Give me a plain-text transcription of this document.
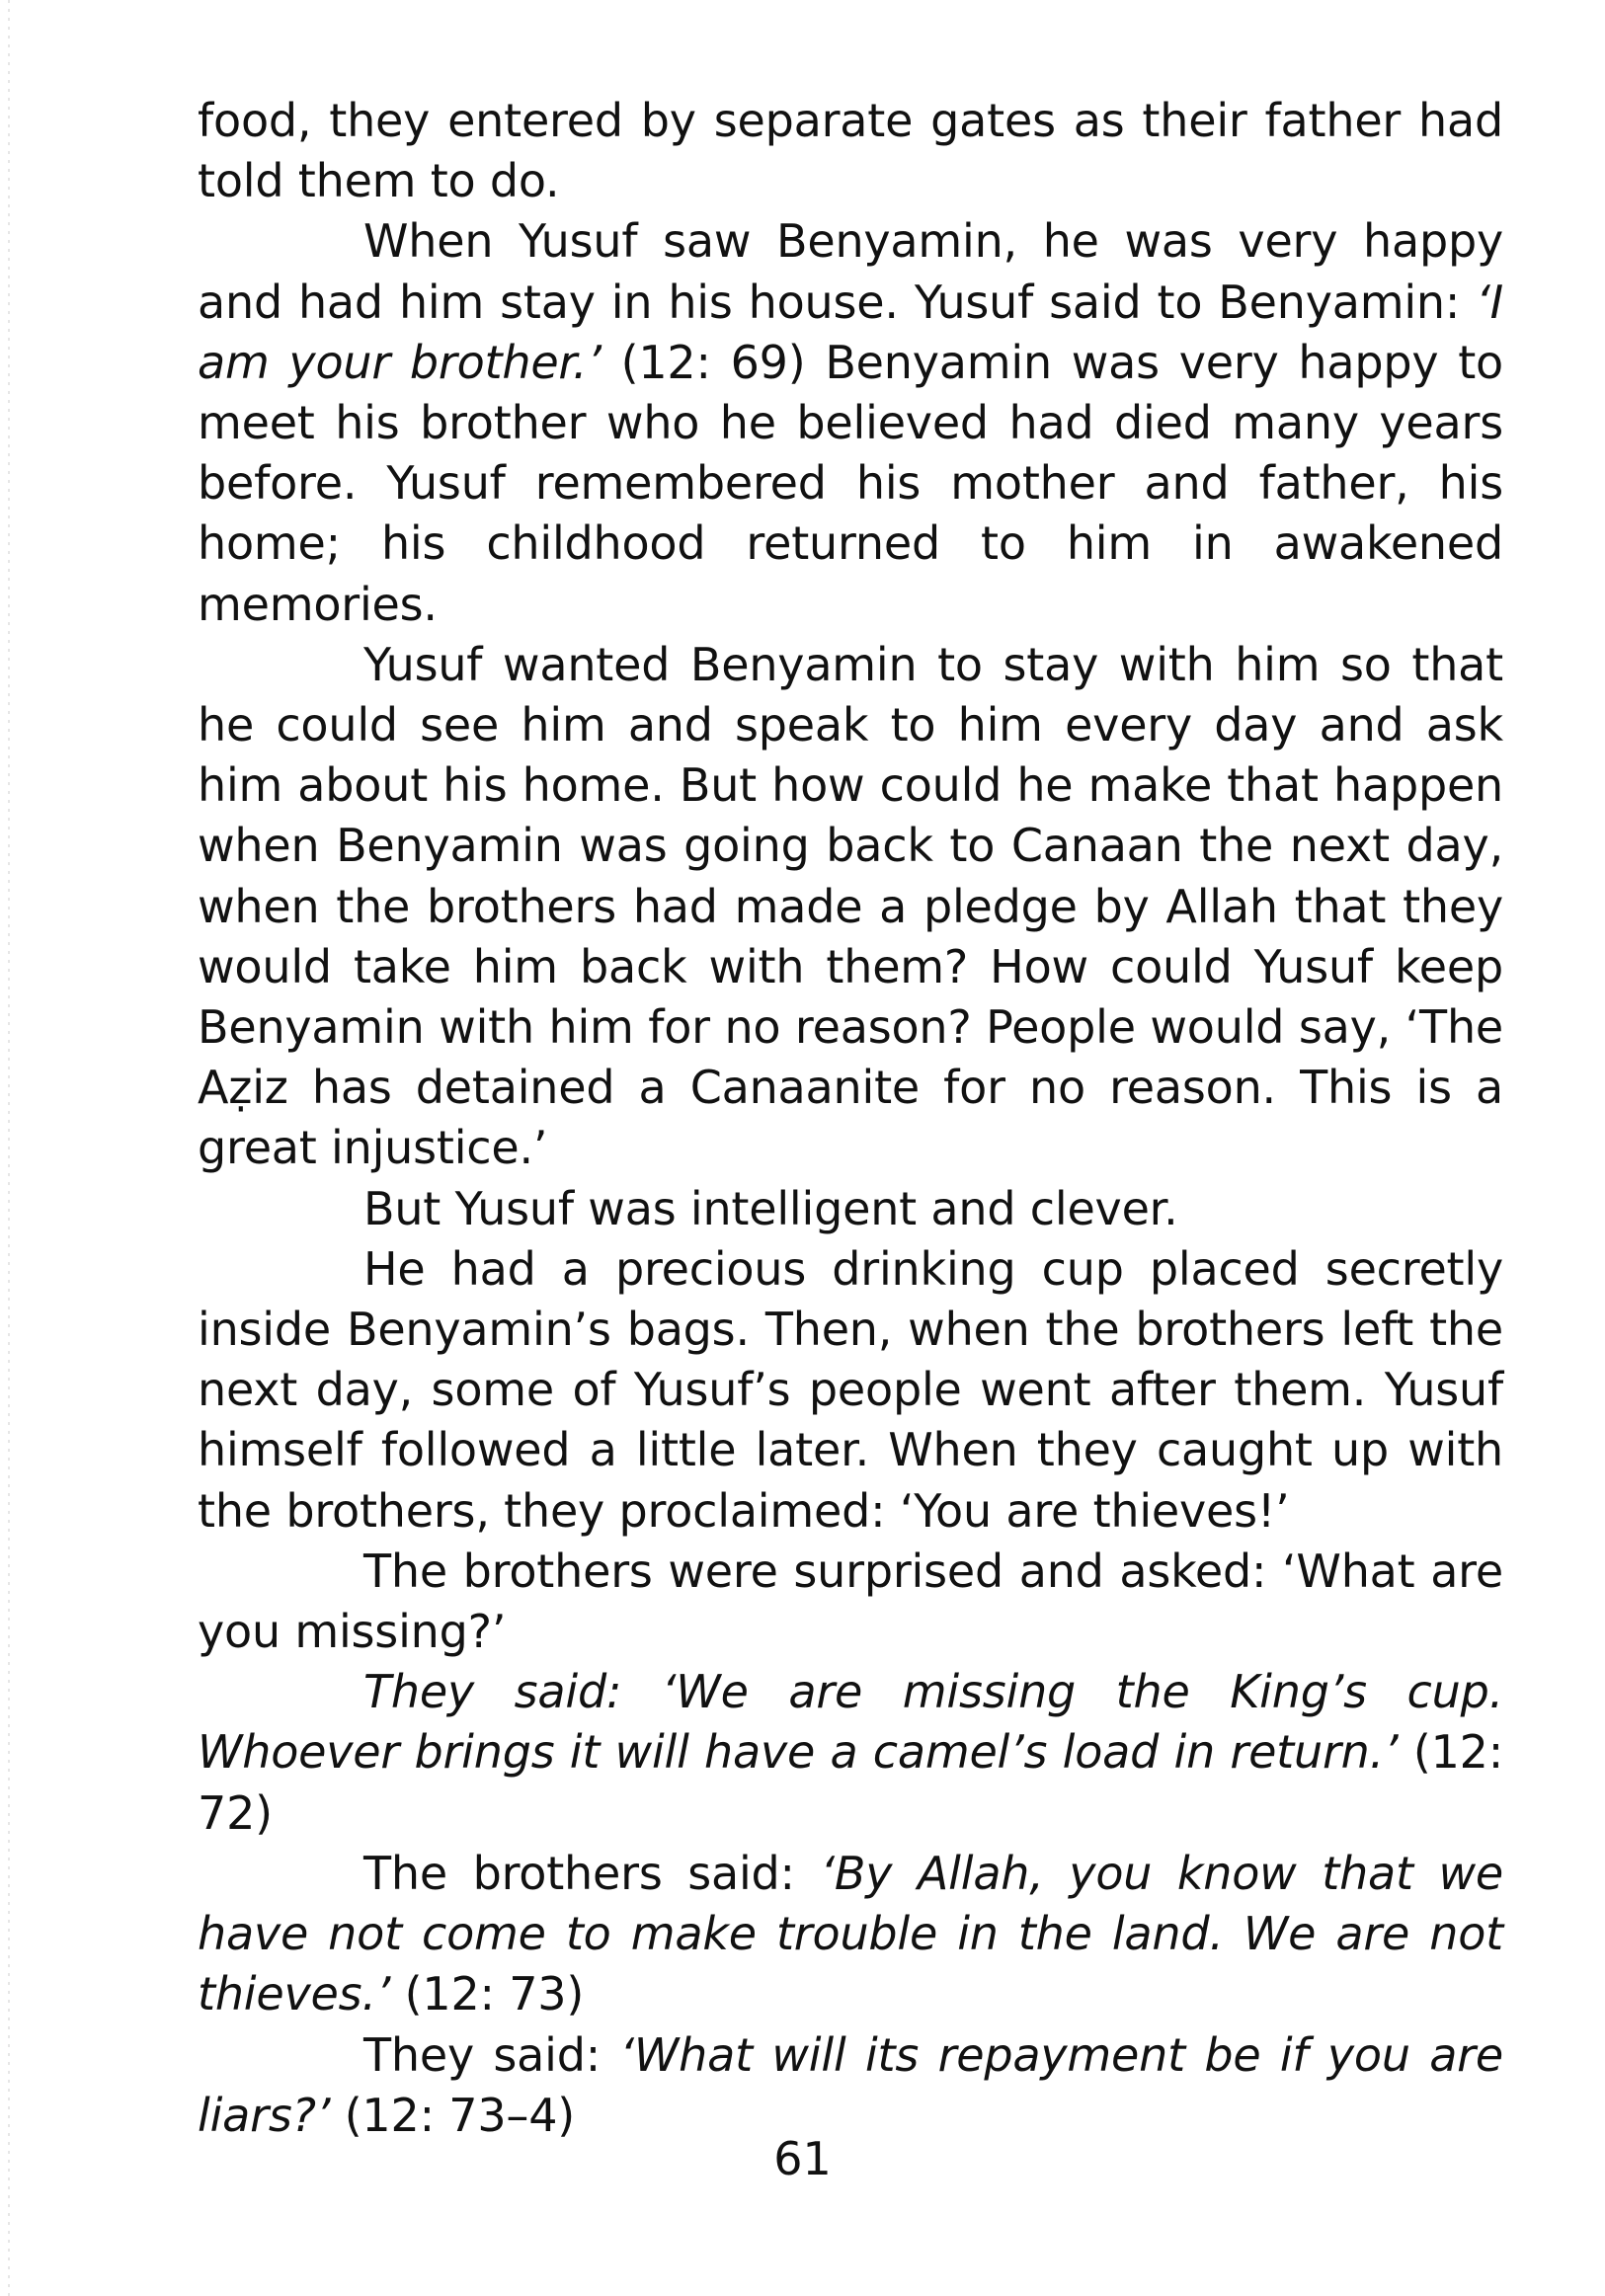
food, they entered by separate gates as their father had told them to do.

When Yusuf saw Benyamin, he was very happy and had him stay in his house. Yusuf said to Benyamin: ‘I am your brother.’ (12: 69) Benyamin was very happy to meet his brother who he believed had died many years before. Yusuf remembered his mother and father, his home; his childhood returned to him in awakened memories.

Yusuf wanted Benyamin to stay with him so that he could see him and speak to him every day and ask him about his home. But how could he make that happen when Benyamin was going back to Canaan the next day, when the brothers had made a pledge by Allah that they would take him back with them? How could Yusuf keep Benyamin with him for no reason? People would say, ‘The Aẓiz has detained a Canaanite for no reason. This is a great injustice.’

But Yusuf was intelligent and clever.

He had a precious drinking cup placed secretly inside Benyamin’s bags. Then, when the brothers left the next day, some of Yusuf’s people went after them. Yusuf himself followed a little later. When they caught up with the brothers, they proclaimed: ‘You are thieves!’

The brothers were surprised and asked: ‘What are you missing?’

They said: ‘We are missing the King’s cup. Whoever brings it will have a camel’s load in return.’ (12: 72)

The brothers said: ‘By Allah, you know that we have not come to make trouble in the land. We are not thieves.’ (12: 73)

They said: ‘What will its repayment be if you are liars?’ (12: 73–4)

61
